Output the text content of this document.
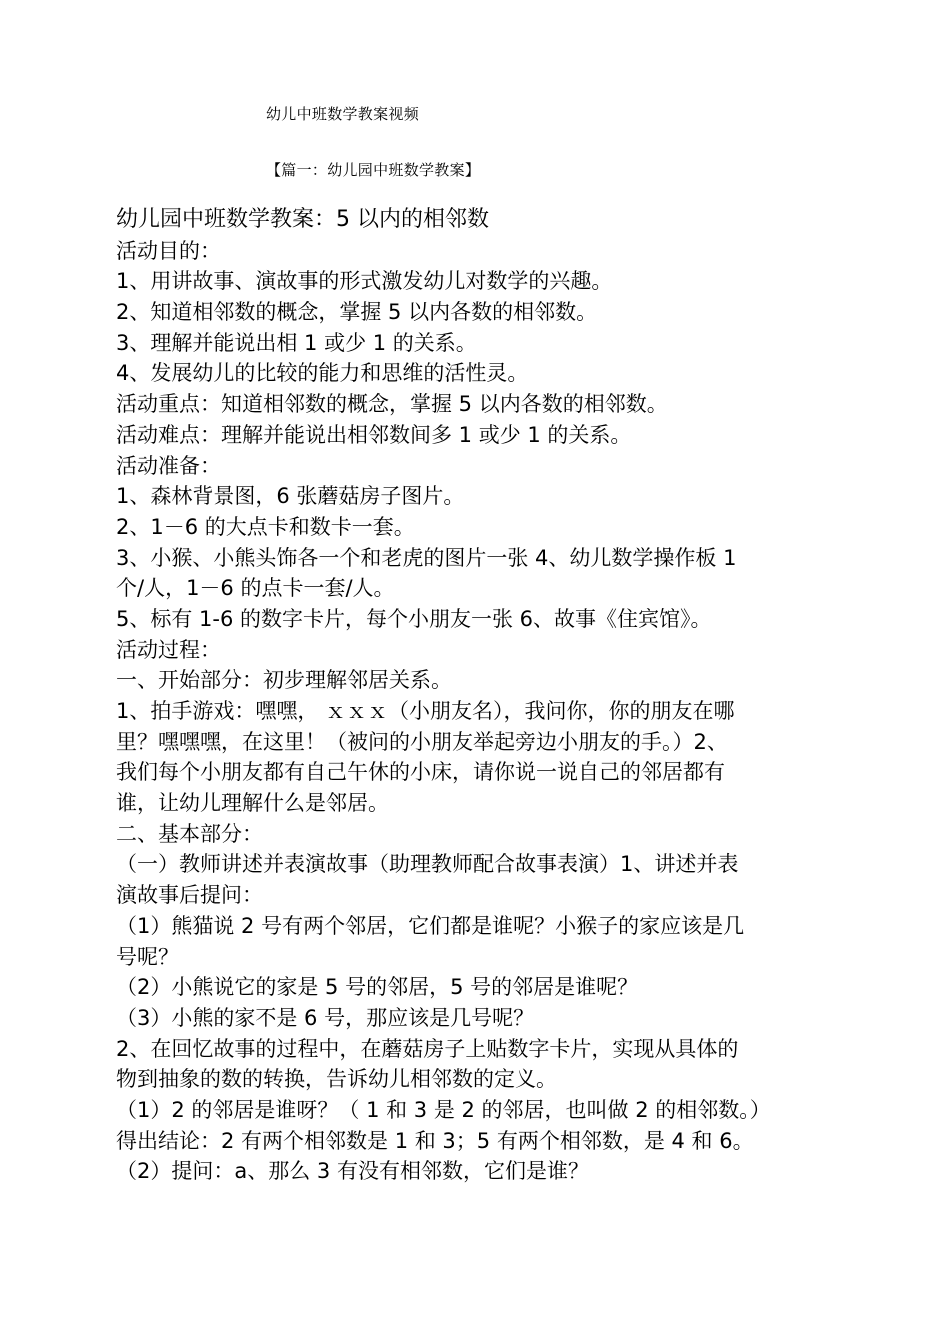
幼儿中班数学教案视频
【篇一：幼儿园中班数学教案】
幼儿园中班数学教案：5 以内的相邻数
活动目的：
1、用讲故事、演故事的形式激发幼儿对数学的兴趣。
2、知道相邻数的概念，掌握 5 以内各数的相邻数。
3、理解并能说出相 1 或少 1 的关系。
4、发展幼儿的比较的能力和思维的活性灵。
活动重点：知道相邻数的概念，掌握 5 以内各数的相邻数。
活动难点：理解并能说出相邻数间多 1 或少 1 的关系。
活动准备：
1、森林背景图，6 张蘑菇房子图片。
2、1－6 的大点卡和数卡一套。
3、小猴、小熊头饰各一个和老虎的图片一张 4、幼儿数学操作板 1
个/人，1－6 的点卡一套/人。
5、标有 1-6 的数字卡片，每个小朋友一张 6、故事《住宾馆》。
活动过程：
一、开始部分：初步理解邻居关系。
1、拍手游戏：嘿嘿， ｘｘｘ（小朋友名），我问你，你的朋友在哪
里？嘿嘿嘿，在这里！（被问的小朋友举起旁边小朋友的手。）2、
我们每个小朋友都有自己午休的小床，请你说一说自己的邻居都有
谁，让幼儿理解什么是邻居。
二、基本部分：
（一）教师讲述并表演故事（助理教师配合故事表演）1、讲述并表
演故事后提问：
（1）熊猫说 2 号有两个邻居，它们都是谁呢？小猴子的家应该是几
号呢？
（2）小熊说它的家是 5 号的邻居，5 号的邻居是谁呢？
（3）小熊的家不是 6 号，那应该是几号呢？
2、在回忆故事的过程中，在蘑菇房子上贴数字卡片，实现从具体的
物到抽象的数的转换，告诉幼儿相邻数的定义。
（1）2 的邻居是谁呀？（ 1 和 3 是 2 的邻居，也叫做 2 的相邻数。）
得出结论：2 有两个相邻数是 1 和 3；5 有两个相邻数，是 4 和 6。
（2）提问：a、那么 3 有没有相邻数，它们是谁？
